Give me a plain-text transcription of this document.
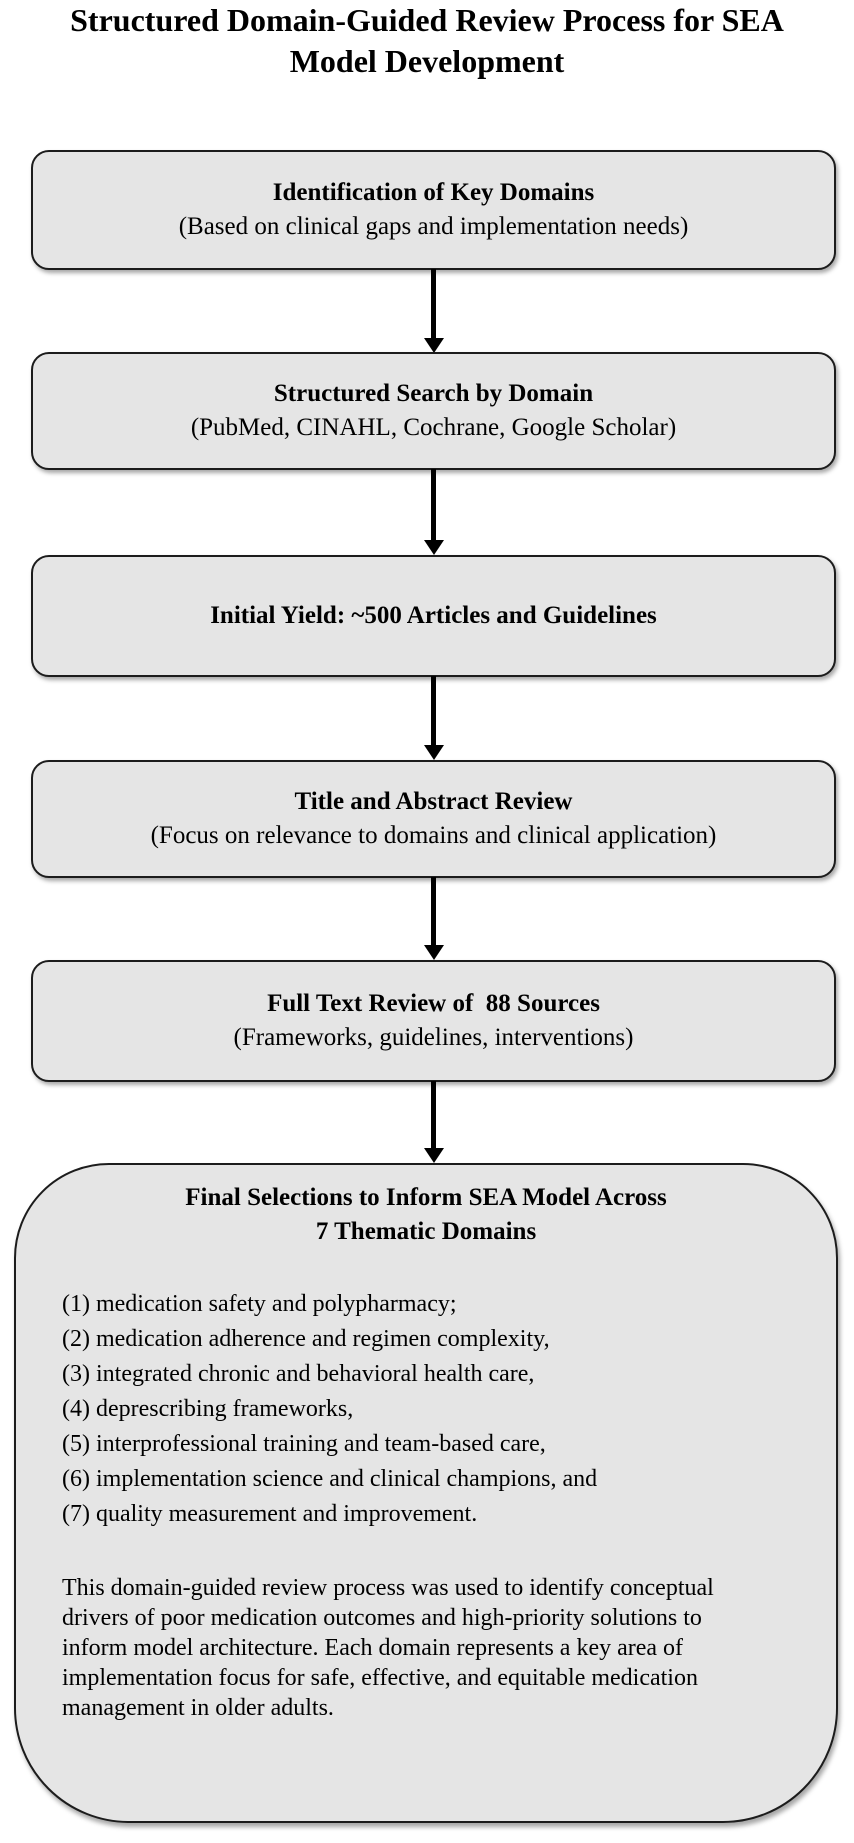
Structured Domain-Guided Review Process for SEA
Model Development
Identification of Key Domains
(Based on clinical gaps and implementation needs)
Structured Search by Domain
(PubMed, CINAHL, Cochrane, Google Scholar)
Initial Yield: ~500 Articles and Guidelines
Title and Abstract Review
(Focus on relevance to domains and clinical application)
Full Text Review of  88 Sources
(Frameworks, guidelines, interventions)
Final Selections to Inform SEA Model Across
7 Thematic Domains
(1) medication safety and polypharmacy;
(2) medication adherence and regimen complexity,
(3) integrated chronic and behavioral health care,
(4) deprescribing frameworks,
(5) interprofessional training and team-based care,
(6) implementation science and clinical champions, and
(7) quality measurement and improvement.
This domain-guided review process was used to identify conceptual drivers of poor medication outcomes and high-priority solutions to inform model architecture. Each domain represents a key area of implementation focus for safe, effective, and equitable medication management in older adults.
